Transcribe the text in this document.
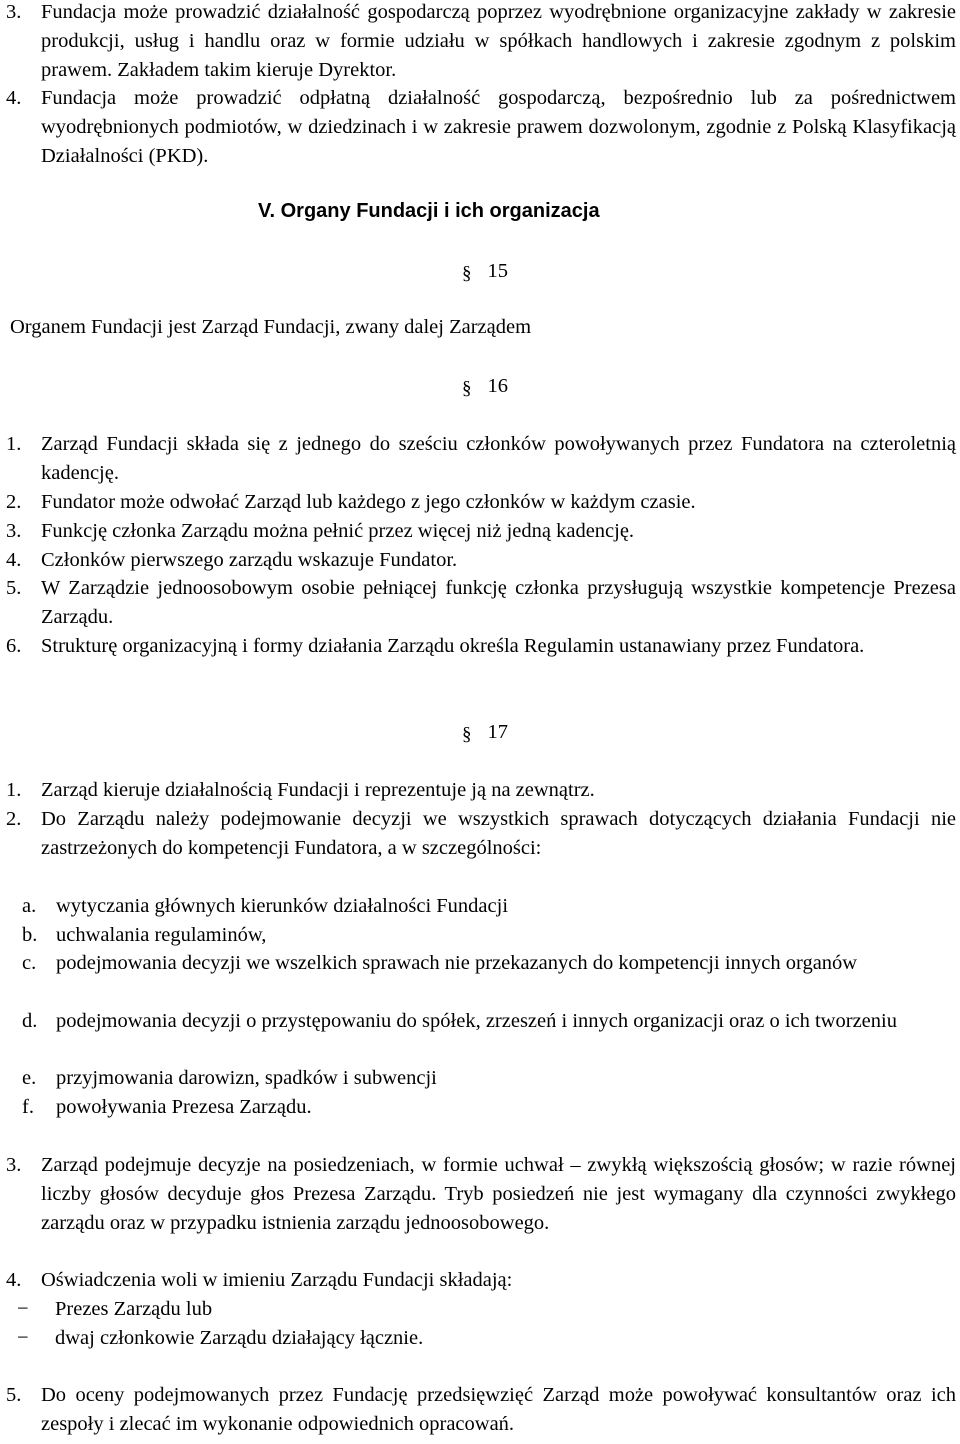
3. Fundacja może prowadzić działalność gospodarczą poprzez wyodrębnione organizacyjne zakłady w zakresie produkcji, usług i handlu oraz w formie udziału w spółkach handlowych i zakresie zgodnym z polskim prawem. Zakładem takim kieruje Dyrektor.
4. Fundacja może prowadzić odpłatną działalność gospodarczą, bezpośrednio lub za pośrednictwem wyodrębnionych podmiotów, w dziedzinach i w zakresie prawem dozwolonym, zgodnie z Polską Klasyfikacją Działalności (PKD).
V. Organy Fundacji i ich organizacja
§ 15
Organem Fundacji jest Zarząd Fundacji, zwany dalej Zarządem
§ 16
1. Zarząd Fundacji składa się z jednego do sześciu członków powoływanych przez Fundatora na czteroletnią kadencję.
2. Fundator może odwołać Zarząd lub każdego z jego członków w każdym czasie.
3. Funkcję członka Zarządu można pełnić przez więcej niż jedną kadencję.
4. Członków pierwszego zarządu wskazuje Fundator.
5. W Zarządzie jednoosobowym osobie pełniącej funkcję członka przysługują wszystkie kompetencje Prezesa Zarządu.
6. Strukturę organizacyjną i formy działania Zarządu określa Regulamin ustanawiany przez Fundatora.
§ 17
1. Zarząd kieruje działalnością Fundacji i reprezentuje ją na zewnątrz.
2. Do Zarządu należy podejmowanie decyzji we wszystkich sprawach dotyczących działania Fundacji nie zastrzeżonych do kompetencji Fundatora, a w szczególności:
a. wytyczania głównych kierunków działalności Fundacji
b. uchwalania regulaminów,
c. podejmowania decyzji we wszelkich sprawach nie przekazanych do kompetencji innych organów
d. podejmowania decyzji o przystępowaniu do spółek, zrzeszeń i innych organizacji oraz o ich tworzeniu
e. przyjmowania darowizn, spadków i subwencji
f. powoływania Prezesa Zarządu.
3. Zarząd podejmuje decyzje na posiedzeniach, w formie uchwał – zwykłą większością głosów; w razie równej liczby głosów decyduje głos Prezesa Zarządu. Tryb posiedzeń nie jest wymagany dla czynności zwykłego zarządu oraz w przypadku istnienia zarządu jednoosobowego.
4. Oświadczenia woli w imieniu Zarządu Fundacji składają:
− Prezes Zarządu lub
− dwaj członkowie Zarządu działający łącznie.
5. Do oceny podejmowanych przez Fundację przedsięwzięć Zarząd może powoływać konsultantów oraz ich zespoły i zlecać im wykonanie odpowiednich opracowań.
